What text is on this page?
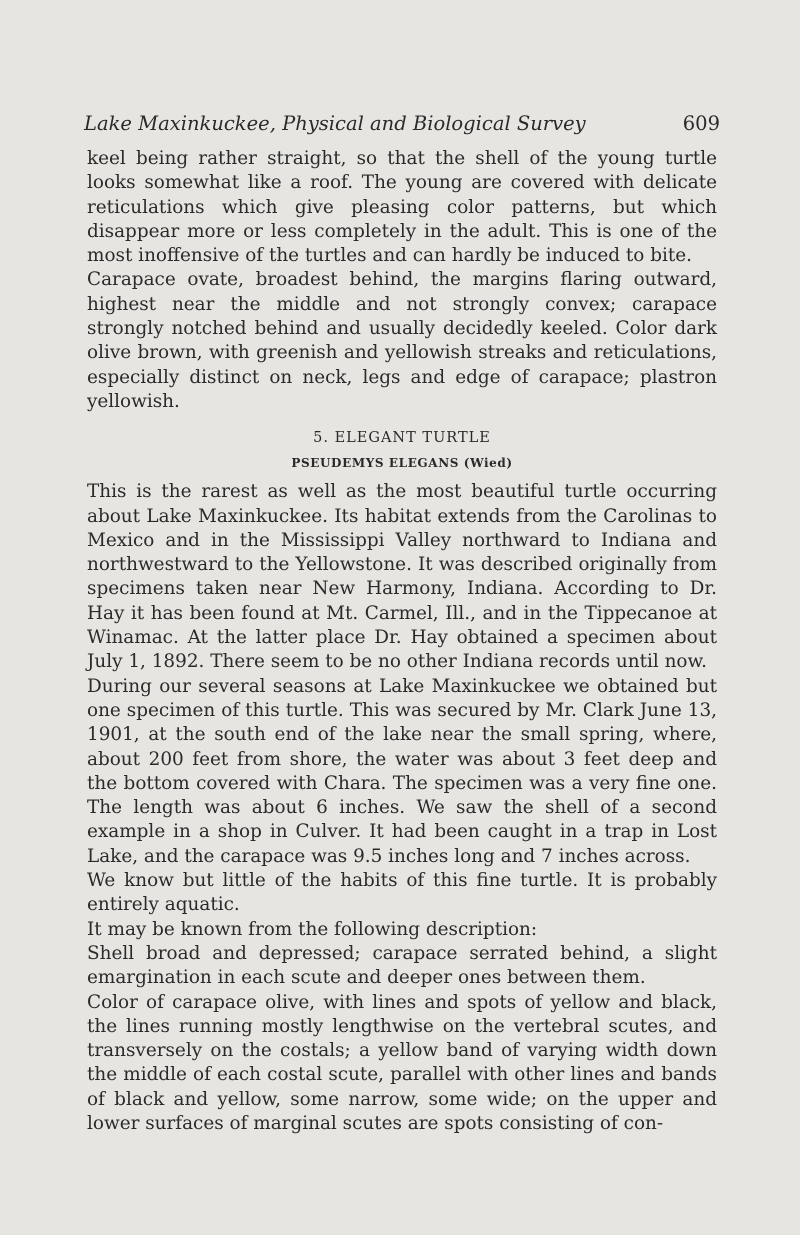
Lake Maxinkuckee, Physical and Biological Survey	609

keel being rather straight, so that the shell of the young turtle looks somewhat like a roof. The young are covered with delicate reticulations which give pleasing color patterns, but which disappear more or less completely in the adult. This is one of the most inoffensive of the turtles and can hardly be induced to bite.

Carapace ovate, broadest behind, the margins flaring outward, highest near the middle and not strongly convex; carapace strongly notched behind and usually decidedly keeled. Color dark olive brown, with greenish and yellowish streaks and reticulations, especially distinct on neck, legs and edge of carapace; plastron yellowish.

5. ELEGANT TURTLE
PSEUDEMYS ELEGANS (Wied)

This is the rarest as well as the most beautiful turtle occurring about Lake Maxinkuckee. Its habitat extends from the Carolinas to Mexico and in the Mississippi Valley northward to Indiana and northwestward to the Yellowstone. It was described originally from specimens taken near New Harmony, Indiana. According to Dr. Hay it has been found at Mt. Carmel, Ill., and in the Tippecanoe at Winamac. At the latter place Dr. Hay obtained a specimen about July 1, 1892. There seem to be no other Indiana records until now.

During our several seasons at Lake Maxinkuckee we obtained but one specimen of this turtle. This was secured by Mr. Clark June 13, 1901, at the south end of the lake near the small spring, where, about 200 feet from shore, the water was about 3 feet deep and the bottom covered with Chara. The specimen was a very fine one. The length was about 6 inches. We saw the shell of a second example in a shop in Culver. It had been caught in a trap in Lost Lake, and the carapace was 9.5 inches long and 7 inches across.

We know but little of the habits of this fine turtle. It is probably entirely aquatic.

It may be known from the following description:

Shell broad and depressed; carapace serrated behind, a slight emargination in each scute and deeper ones between them.

Color of carapace olive, with lines and spots of yellow and black, the lines running mostly lengthwise on the vertebral scutes, and transversely on the costals; a yellow band of varying width down the middle of each costal scute, parallel with other lines and bands of black and yellow, some narrow, some wide; on the upper and lower surfaces of marginal scutes are spots consisting of con-
